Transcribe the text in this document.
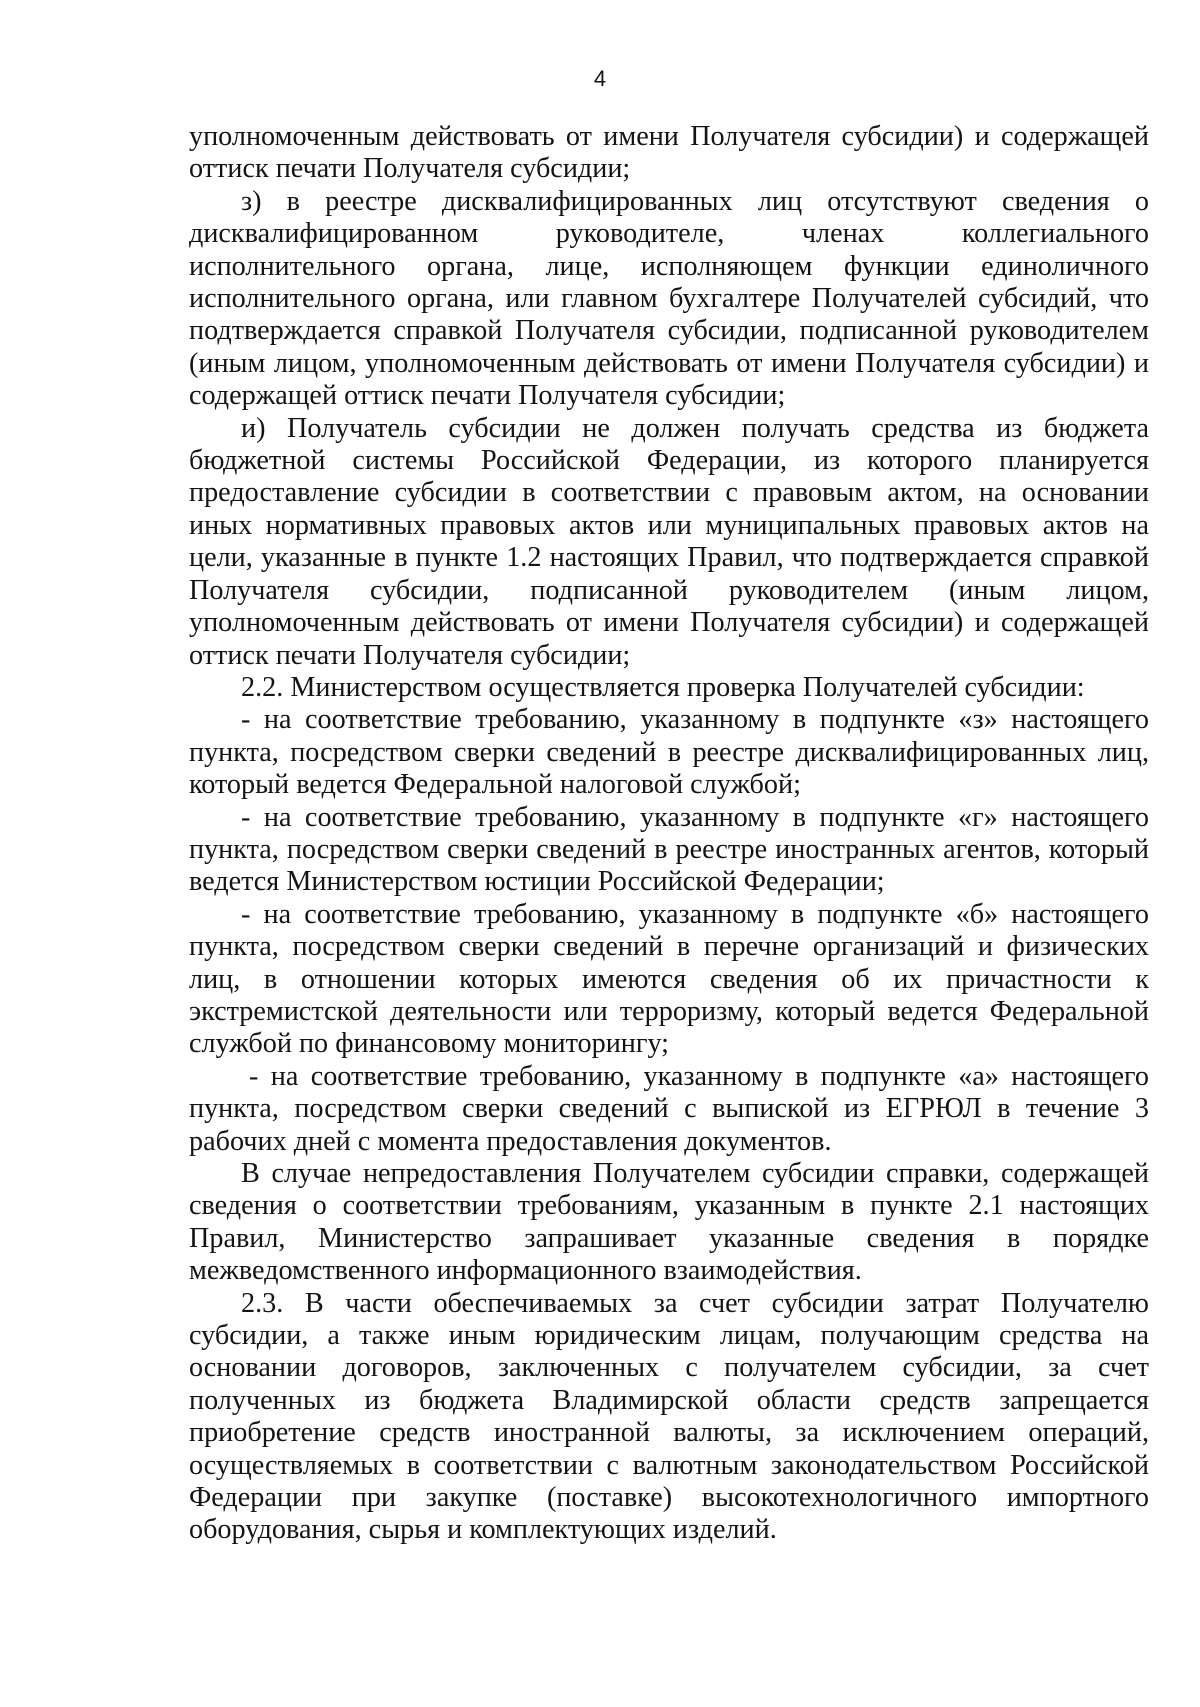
4

уполномоченным действовать от имени Получателя субсидии) и содержащей оттиск печати Получателя субсидии;

з) в реестре дисквалифицированных лиц отсутствуют сведения о дисквалифицированном руководителе, членах коллегиального исполнительного органа, лице, исполняющем функции единоличного исполнительного органа, или главном бухгалтере Получателей субсидий, что подтверждается справкой Получателя субсидии, подписанной руководителем (иным лицом, уполномоченным действовать от имени Получателя субсидии) и содержащей оттиск печати Получателя субсидии;

и) Получатель субсидии не должен получать средства из бюджета бюджетной системы Российской Федерации, из которого планируется предоставление субсидии в соответствии с правовым актом, на основании иных нормативных правовых актов или муниципальных правовых актов на цели, указанные в пункте 1.2 настоящих Правил, что подтверждается справкой Получателя субсидии, подписанной руководителем (иным лицом, уполномоченным действовать от имени Получателя субсидии) и содержащей оттиск печати Получателя субсидии;

2.2. Министерством осуществляется проверка Получателей субсидии:

- на соответствие требованию, указанному в подпункте «з» настоящего пункта, посредством сверки сведений в реестре дисквалифицированных лиц, который ведется Федеральной налоговой службой;

- на соответствие требованию, указанному в подпункте «г» настоящего пункта, посредством сверки сведений в реестре иностранных агентов, который ведется Министерством юстиции Российской Федерации;

- на соответствие требованию, указанному в подпункте «б» настоящего пункта, посредством сверки сведений в перечне организаций и физических лиц, в отношении которых имеются сведения об их причастности к экстремистской деятельности или терроризму, который ведется Федеральной службой по финансовому мониторингу;

- на соответствие требованию, указанному в подпункте «а» настоящего пункта, посредством сверки сведений с выпиской из ЕГРЮЛ в течение 3 рабочих дней с момента предоставления документов.

В случае непредоставления Получателем субсидии справки, содержащей сведения о соответствии требованиям, указанным в пункте 2.1 настоящих Правил, Министерство запрашивает указанные сведения в порядке межведомственного информационного взаимодействия.

2.3. В части обеспечиваемых за счет субсидии затрат Получателю субсидии, а также иным юридическим лицам, получающим средства на основании договоров, заключенных с получателем субсидии, за счет полученных из бюджета Владимирской области средств запрещается приобретение средств иностранной валюты, за исключением операций, осуществляемых в соответствии с валютным законодательством Российской Федерации при закупке (поставке) высокотехнологичного импортного оборудования, сырья и комплектующих изделий.
